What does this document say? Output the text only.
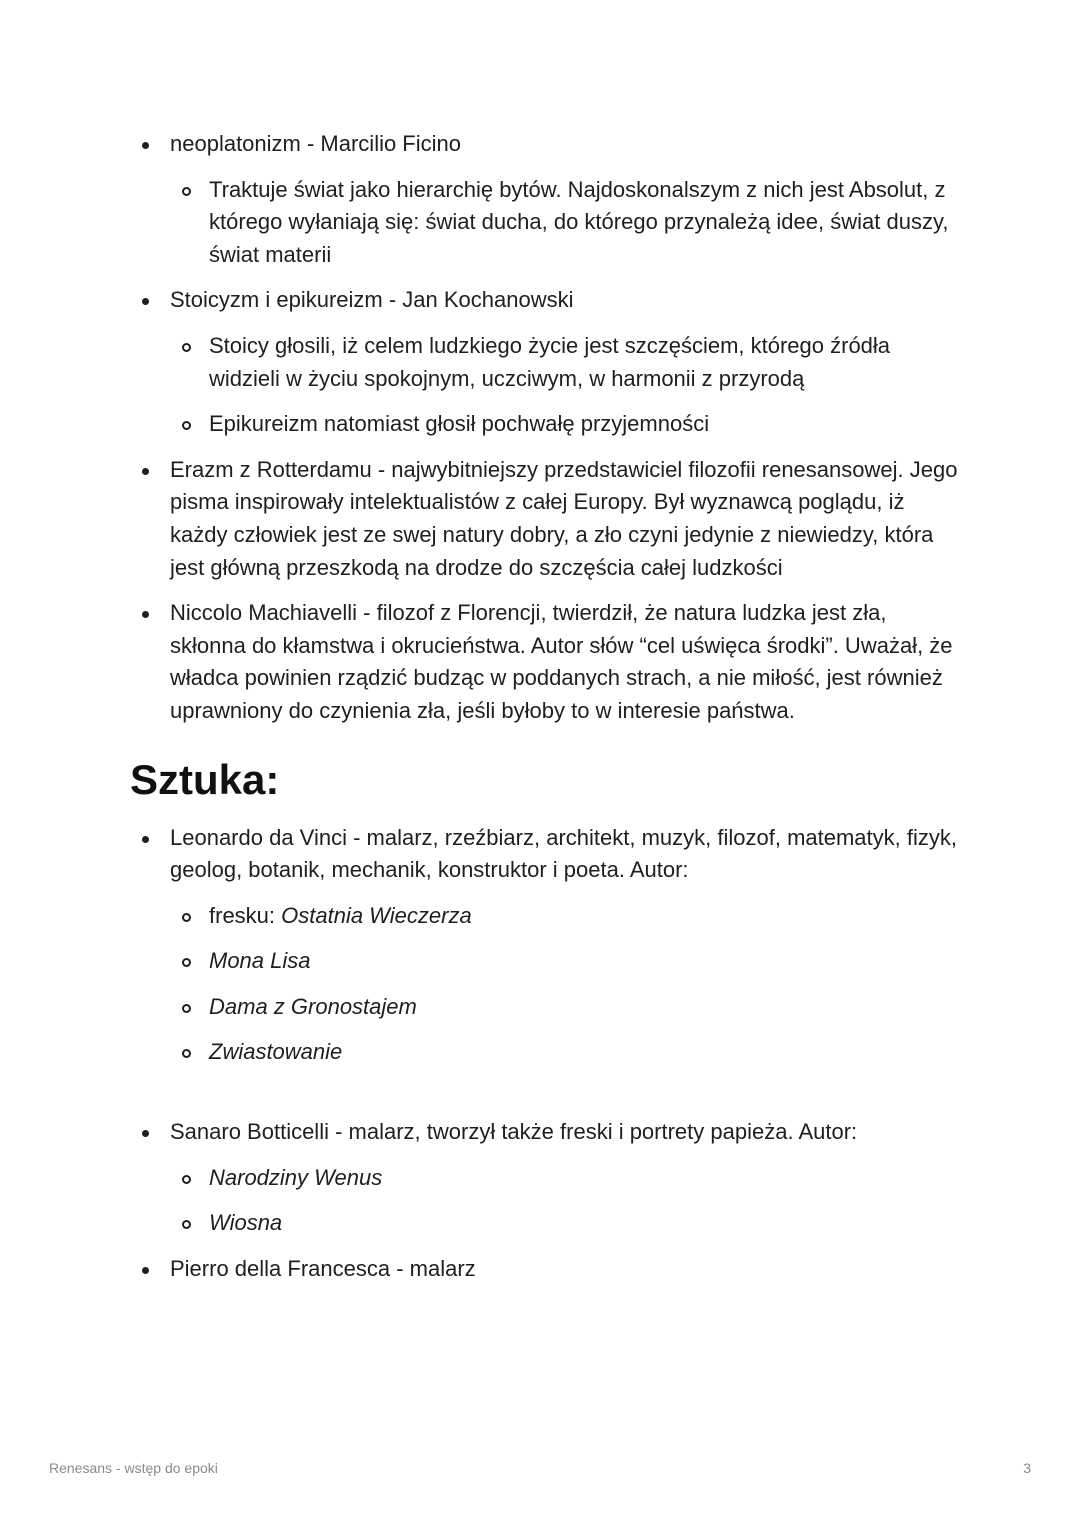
neoplatonizm - Marcilio Ficino
Traktuje świat jako hierarchię bytów. Najdoskonalszym z nich jest Absolut, z którego wyłaniają się: świat ducha, do którego przynależą idee, świat duszy, świat materii
Stoicyzm i epikureizm - Jan Kochanowski
Stoicy głosili, iż celem ludzkiego życie jest szczęściem, którego źródła widzieli w życiu spokojnym, uczciwym, w harmonii z przyrodą
Epikureizm natomiast głosił pochwałę przyjemności
Erazm z Rotterdamu - najwybitniejszy przedstawiciel filozofii renesansowej. Jego pisma inspirowały intelektualistów z całej Europy. Był wyznawcą poglądu, iż każdy człowiek jest ze swej natury dobry, a zło czyni jedynie z niewiedzy, która jest główną przeszkodą na drodze do szczęścia całej ludzkości
Niccolo Machiavelli - filozof z Florencji, twierdził, że natura ludzka jest zła, skłonna do kłamstwa i okrucieństwa. Autor słów “cel uświęca środki”. Uważał, że władca powinien rządzić budząc w poddanych strach, a nie miłość, jest również uprawniony do czynienia zła, jeśli byłoby to w interesie państwa.
Sztuka:
Leonardo da Vinci - malarz, rzeźbiarz, architekt, muzyk, filozof, matematyk, fizyk, geolog, botanik, mechanik, konstruktor i poeta. Autor:
fresku: Ostatnia Wieczerza
Mona Lisa
Dama z Gronostajem
Zwiastowanie
Sanaro Botticelli - malarz, tworzył także freski i portrety papieża. Autor:
Narodziny Wenus
Wiosna
Pierro della Francesca - malarz
Renesans - wstęp do epoki	3
